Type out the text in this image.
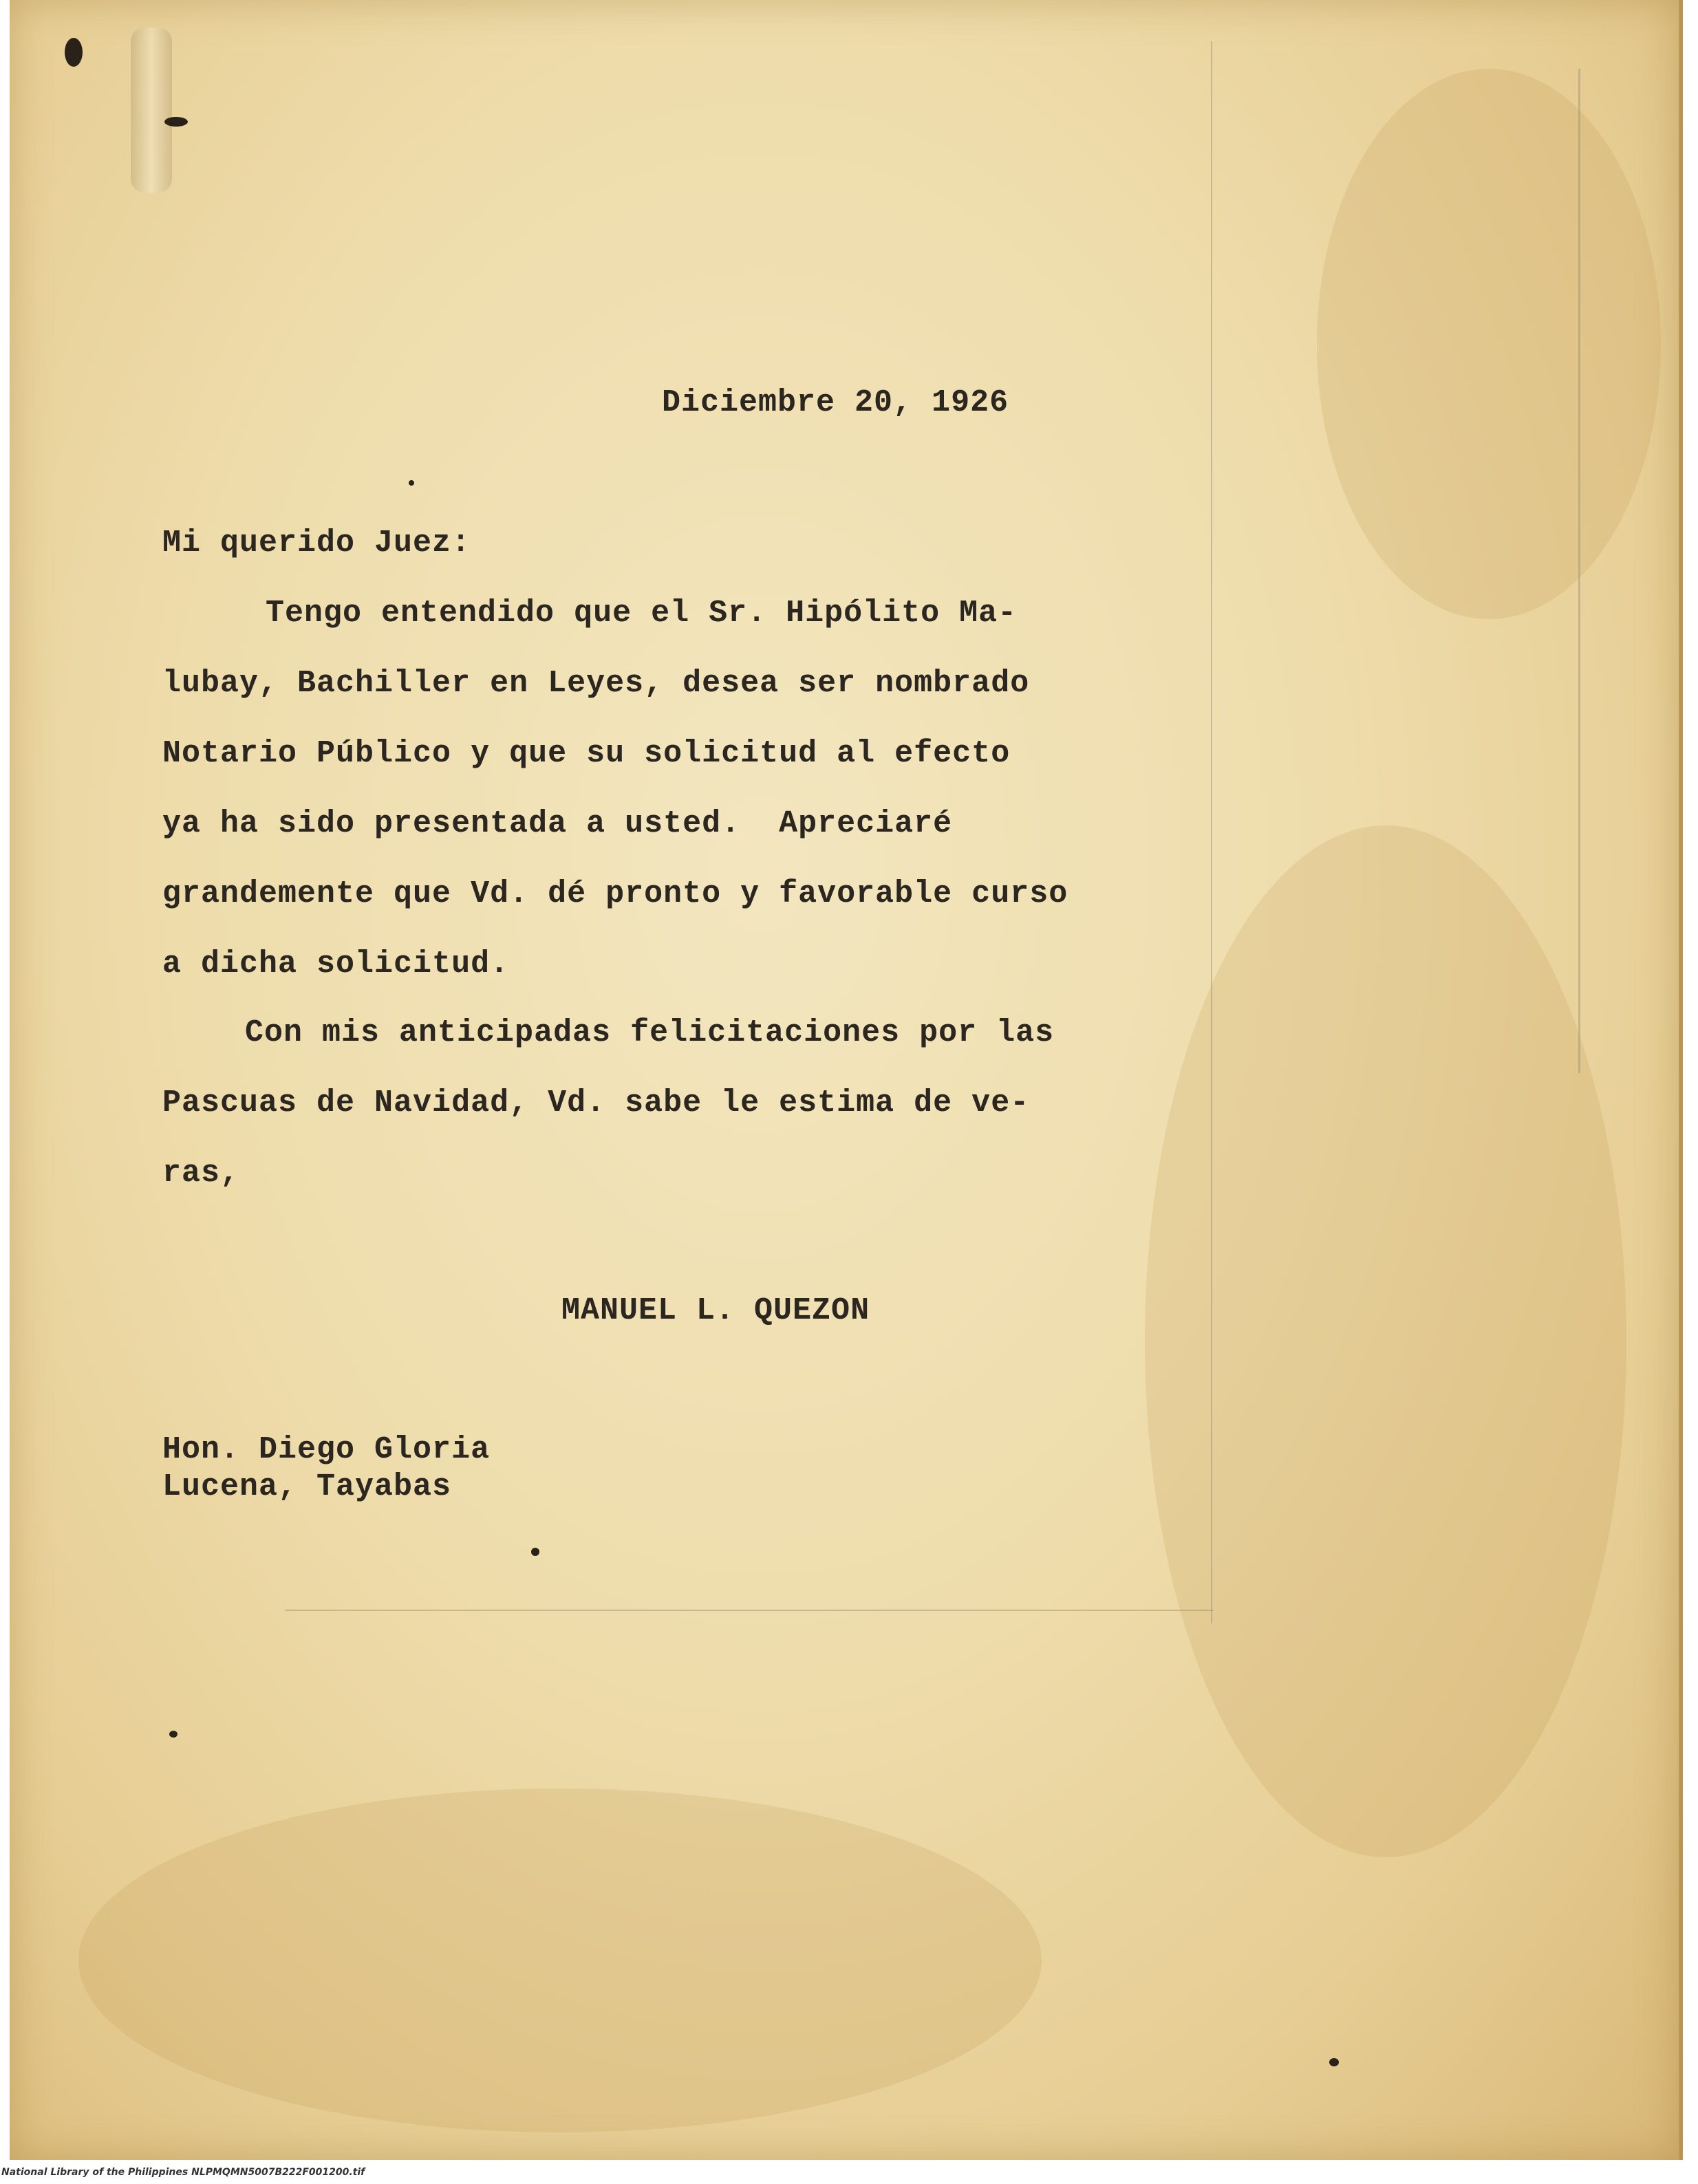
Diciembre 20, 1926

Mi querido Juez:

Tengo entendido que el Sr. Hipólito Ma-

lubay, Bachiller en Leyes, desea ser nombrado

Notario Público y que su solicitud al efecto

ya ha sido presentada a usted.  Apreciaré

grandemente que Vd. dé pronto y favorable curso

a dicha solicitud.

Con mis anticipadas felicitaciones por las

Pascuas de Navidad, Vd. sabe le estima de ve-

ras,

MANUEL L. QUEZON

Hon. Diego Gloria

Lucena, Tayabas

National Library of the Philippines NLPMQMN5007B222F001200.tif
